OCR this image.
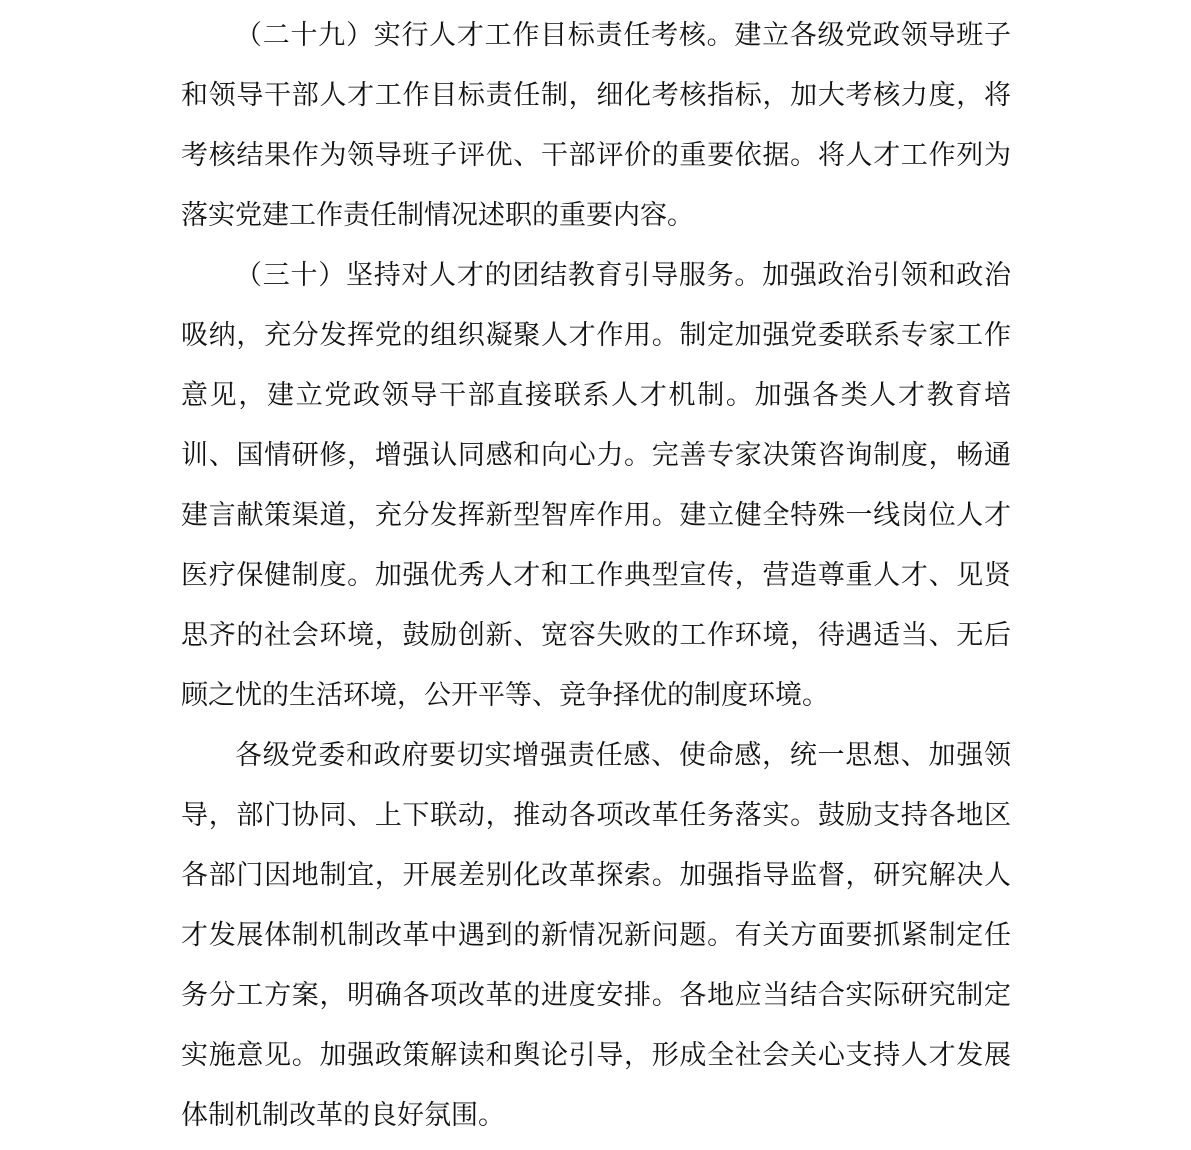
（二十九）实行人才工作目标责任考核。建立各级党政领导班子和领导干部人才工作目标责任制，细化考核指标，加大考核力度，将考核结果作为领导班子评优、干部评价的重要依据。将人才工作列为落实党建工作责任制情况述职的重要内容。

（三十）坚持对人才的团结教育引导服务。加强政治引领和政治吸纳，充分发挥党的组织凝聚人才作用。制定加强党委联系专家工作意见，建立党政领导干部直接联系人才机制。加强各类人才教育培训、国情研修，增强认同感和向心力。完善专家决策咨询制度，畅通建言献策渠道，充分发挥新型智库作用。建立健全特殊一线岗位人才医疗保健制度。加强优秀人才和工作典型宣传，营造尊重人才、见贤思齐的社会环境，鼓励创新、宽容失败的工作环境，待遇适当、无后顾之忧的生活环境，公开平等、竞争择优的制度环境。

各级党委和政府要切实增强责任感、使命感，统一思想、加强领导，部门协同、上下联动，推动各项改革任务落实。鼓励支持各地区各部门因地制宜，开展差别化改革探索。加强指导监督，研究解决人才发展体制机制改革中遇到的新情况新问题。有关方面要抓紧制定任务分工方案，明确各项改革的进度安排。各地应当结合实际研究制定实施意见。加强政策解读和舆论引导，形成全社会关心支持人才发展体制机制改革的良好氛围。
